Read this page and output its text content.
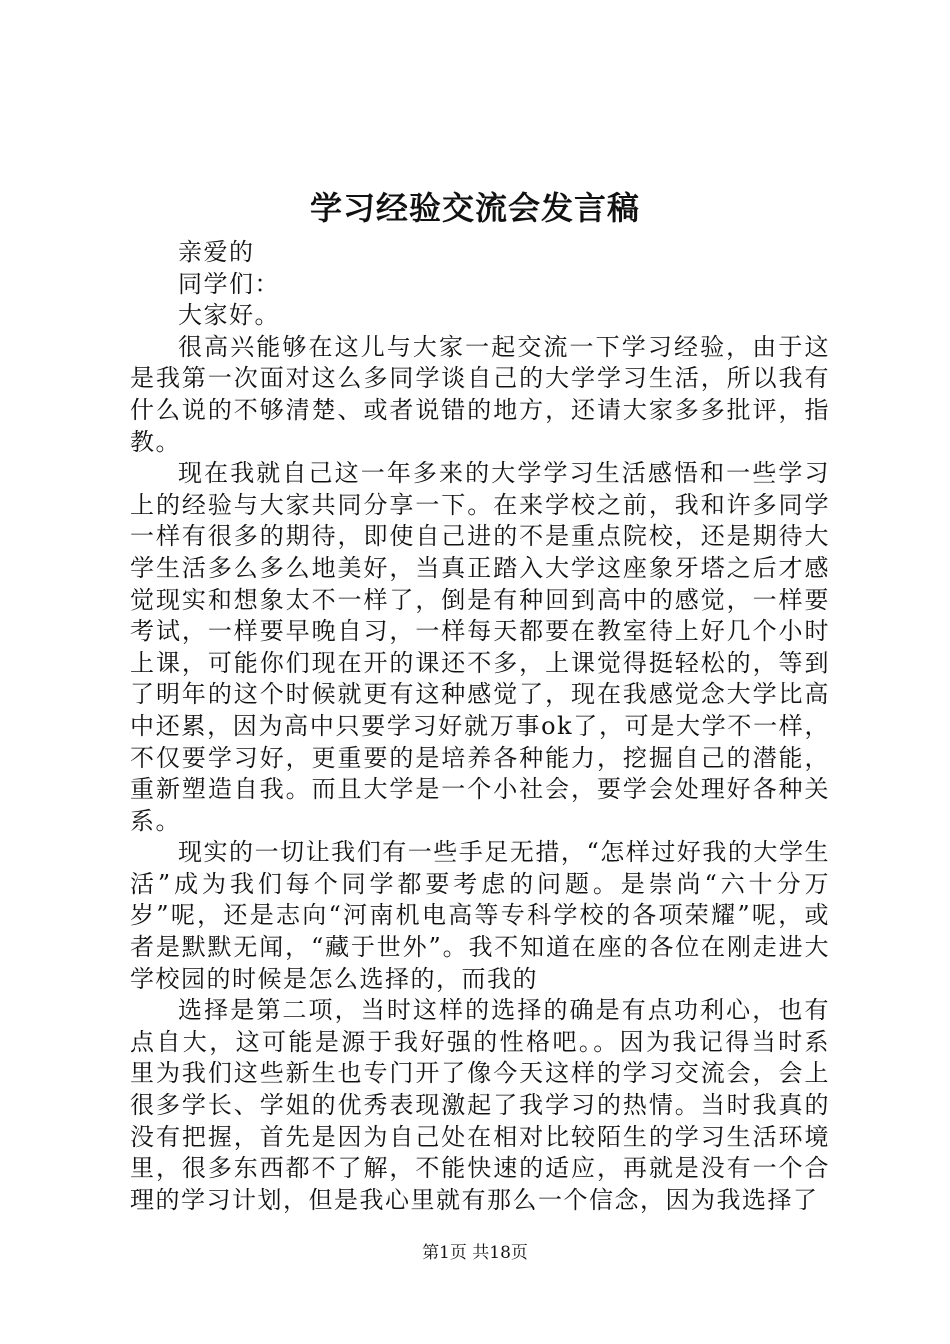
学习经验交流会发言稿

亲爱的

同学们：

大家好。

很高兴能够在这儿与大家一起交流一下学习经验，由于这是我第一次面对这么多同学谈自己的大学学习生活，所以我有什么说的不够清楚、或者说错的地方，还请大家多多批评，指教。

现在我就自己这一年多来的大学学习生活感悟和一些学习上的经验与大家共同分享一下。在来学校之前，我和许多同学一样有很多的期待，即使自己进的不是重点院校，还是期待大学生活多么多么地美好，当真正踏入大学这座象牙塔之后才感觉现实和想象太不一样了，倒是有种回到高中的感觉，一样要考试，一样要早晚自习，一样每天都要在教室待上好几个小时上课，可能你们现在开的课还不多，上课觉得挺轻松的，等到了明年的这个时候就更有这种感觉了，现在我感觉念大学比高中还累，因为高中只要学习好就万事ok了，可是大学不一样，不仅要学习好，更重要的是培养各种能力，挖掘自己的潜能，重新塑造自我。而且大学是一个小社会，要学会处理好各种关系。

现实的一切让我们有一些手足无措，“怎样过好我的大学生活”成为我们每个同学都要考虑的问题。是崇尚“六十分万岁”呢，还是志向“河南机电高等专科学校的各项荣耀”呢，或者是默默无闻，“藏于世外”。我不知道在座的各位在刚走进大学校园的时候是怎么选择的，而我的

选择是第二项，当时这样的选择的确是有点功利心，也有点自大，这可能是源于我好强的性格吧。。因为我记得当时系里为我们这些新生也专门开了像今天这样的学习交流会，会上很多学长、学姐的优秀表现激起了我学习的热情。当时我真的没有把握，首先是因为自己处在相对比较陌生的学习生活环境里，很多东西都不了解，不能快速的适应，再就是没有一个合理的学习计划，但是我心里就有那么一个信念，因为我选择了

第1页 共18页
